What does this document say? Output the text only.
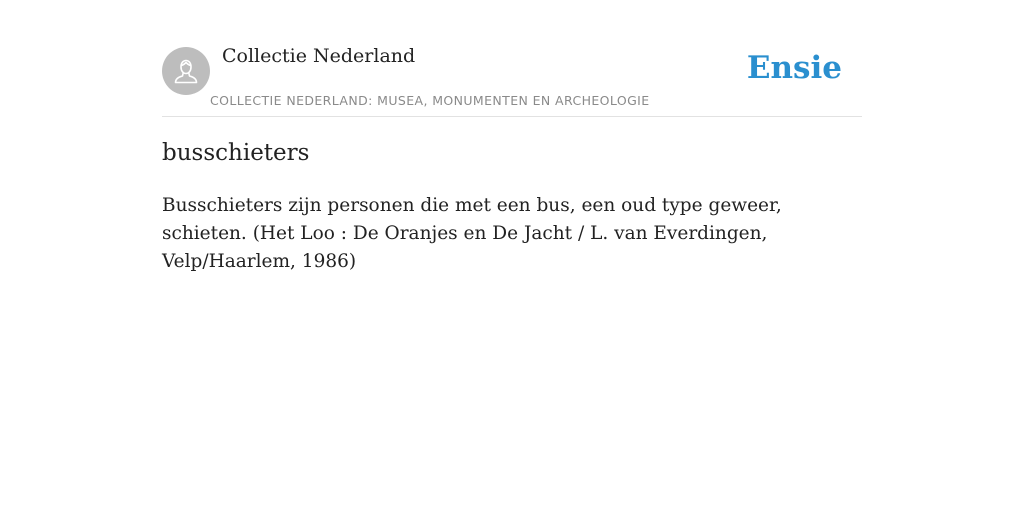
Collectie Nederland
COLLECTIE NEDERLAND: MUSEA, MONUMENTEN EN ARCHEOLOGIE
Ensie
busschieters

Busschieters zijn personen die met een bus, een oud type geweer, schieten. (Het Loo : De Oranjes en De Jacht / L. van Everdingen, Velp/Haarlem, 1986)
